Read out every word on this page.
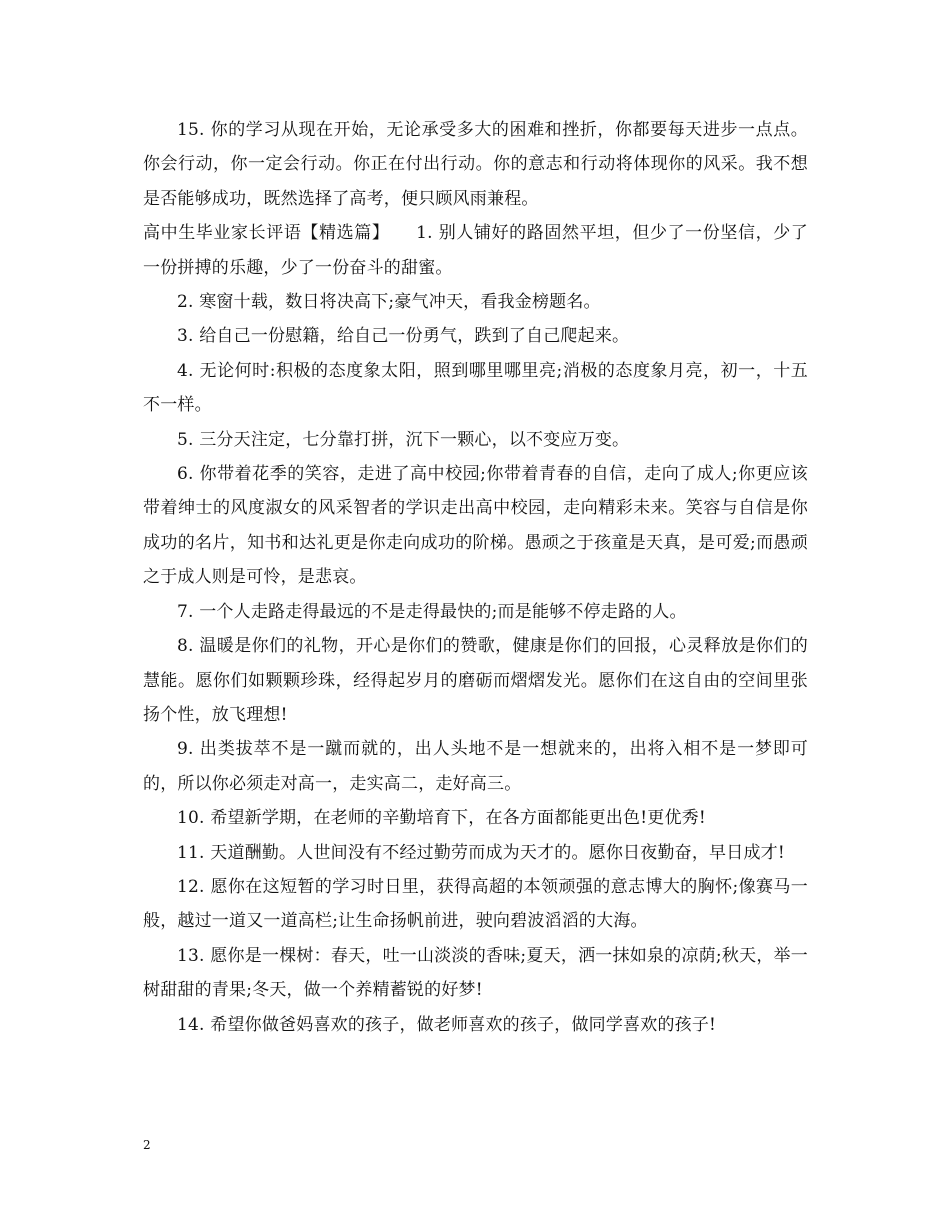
15. 你的学习从现在开始，无论承受多大的困难和挫折，你都要每天进步一点点。你会行动，你一定会行动。你正在付出行动。你的意志和行动将体现你的风采。我不想是否能够成功，既然选择了高考，便只顾风雨兼程。

高中生毕业家长评语【精选篇】　　1. 别人铺好的路固然平坦，但少了一份坚信，少了一份拼搏的乐趣，少了一份奋斗的甜蜜。

2. 寒窗十载，数日将决高下;豪气冲天，看我金榜题名。

3. 给自己一份慰籍，给自己一份勇气，跌到了自己爬起来。

4. 无论何时:积极的态度象太阳，照到哪里哪里亮;消极的态度象月亮，初一，十五不一样。

5. 三分天注定，七分靠打拼，沉下一颗心，以不变应万变。

6. 你带着花季的笑容，走进了高中校园;你带着青春的自信，走向了成人;你更应该带着绅士的风度淑女的风采智者的学识走出高中校园，走向精彩未来。笑容与自信是你成功的名片，知书和达礼更是你走向成功的阶梯。愚顽之于孩童是天真，是可爱;而愚顽之于成人则是可怜，是悲哀。

7. 一个人走路走得最远的不是走得最快的;而是能够不停走路的人。

8. 温暖是你们的礼物，开心是你们的赞歌，健康是你们的回报，心灵释放是你们的慧能。愿你们如颗颗珍珠，经得起岁月的磨砺而熠熠发光。愿你们在这自由的空间里张扬个性，放飞理想!

9. 出类拔萃不是一蹴而就的，出人头地不是一想就来的，出将入相不是一梦即可的，所以你必须走对高一，走实高二，走好高三。

10. 希望新学期，在老师的辛勤培育下，在各方面都能更出色!更优秀!

11. 天道酬勤。人世间没有不经过勤劳而成为天才的。愿你日夜勤奋，早日成才!

12. 愿你在这短暂的学习时日里，获得高超的本领顽强的意志博大的胸怀;像赛马一般，越过一道又一道高栏;让生命扬帆前进，驶向碧波滔滔的大海。

13. 愿你是一棵树：春天，吐一山淡淡的香味;夏天，洒一抹如泉的凉荫;秋天，举一树甜甜的青果;冬天，做一个养精蓄锐的好梦!

14. 希望你做爸妈喜欢的孩子，做老师喜欢的孩子，做同学喜欢的孩子!

2
